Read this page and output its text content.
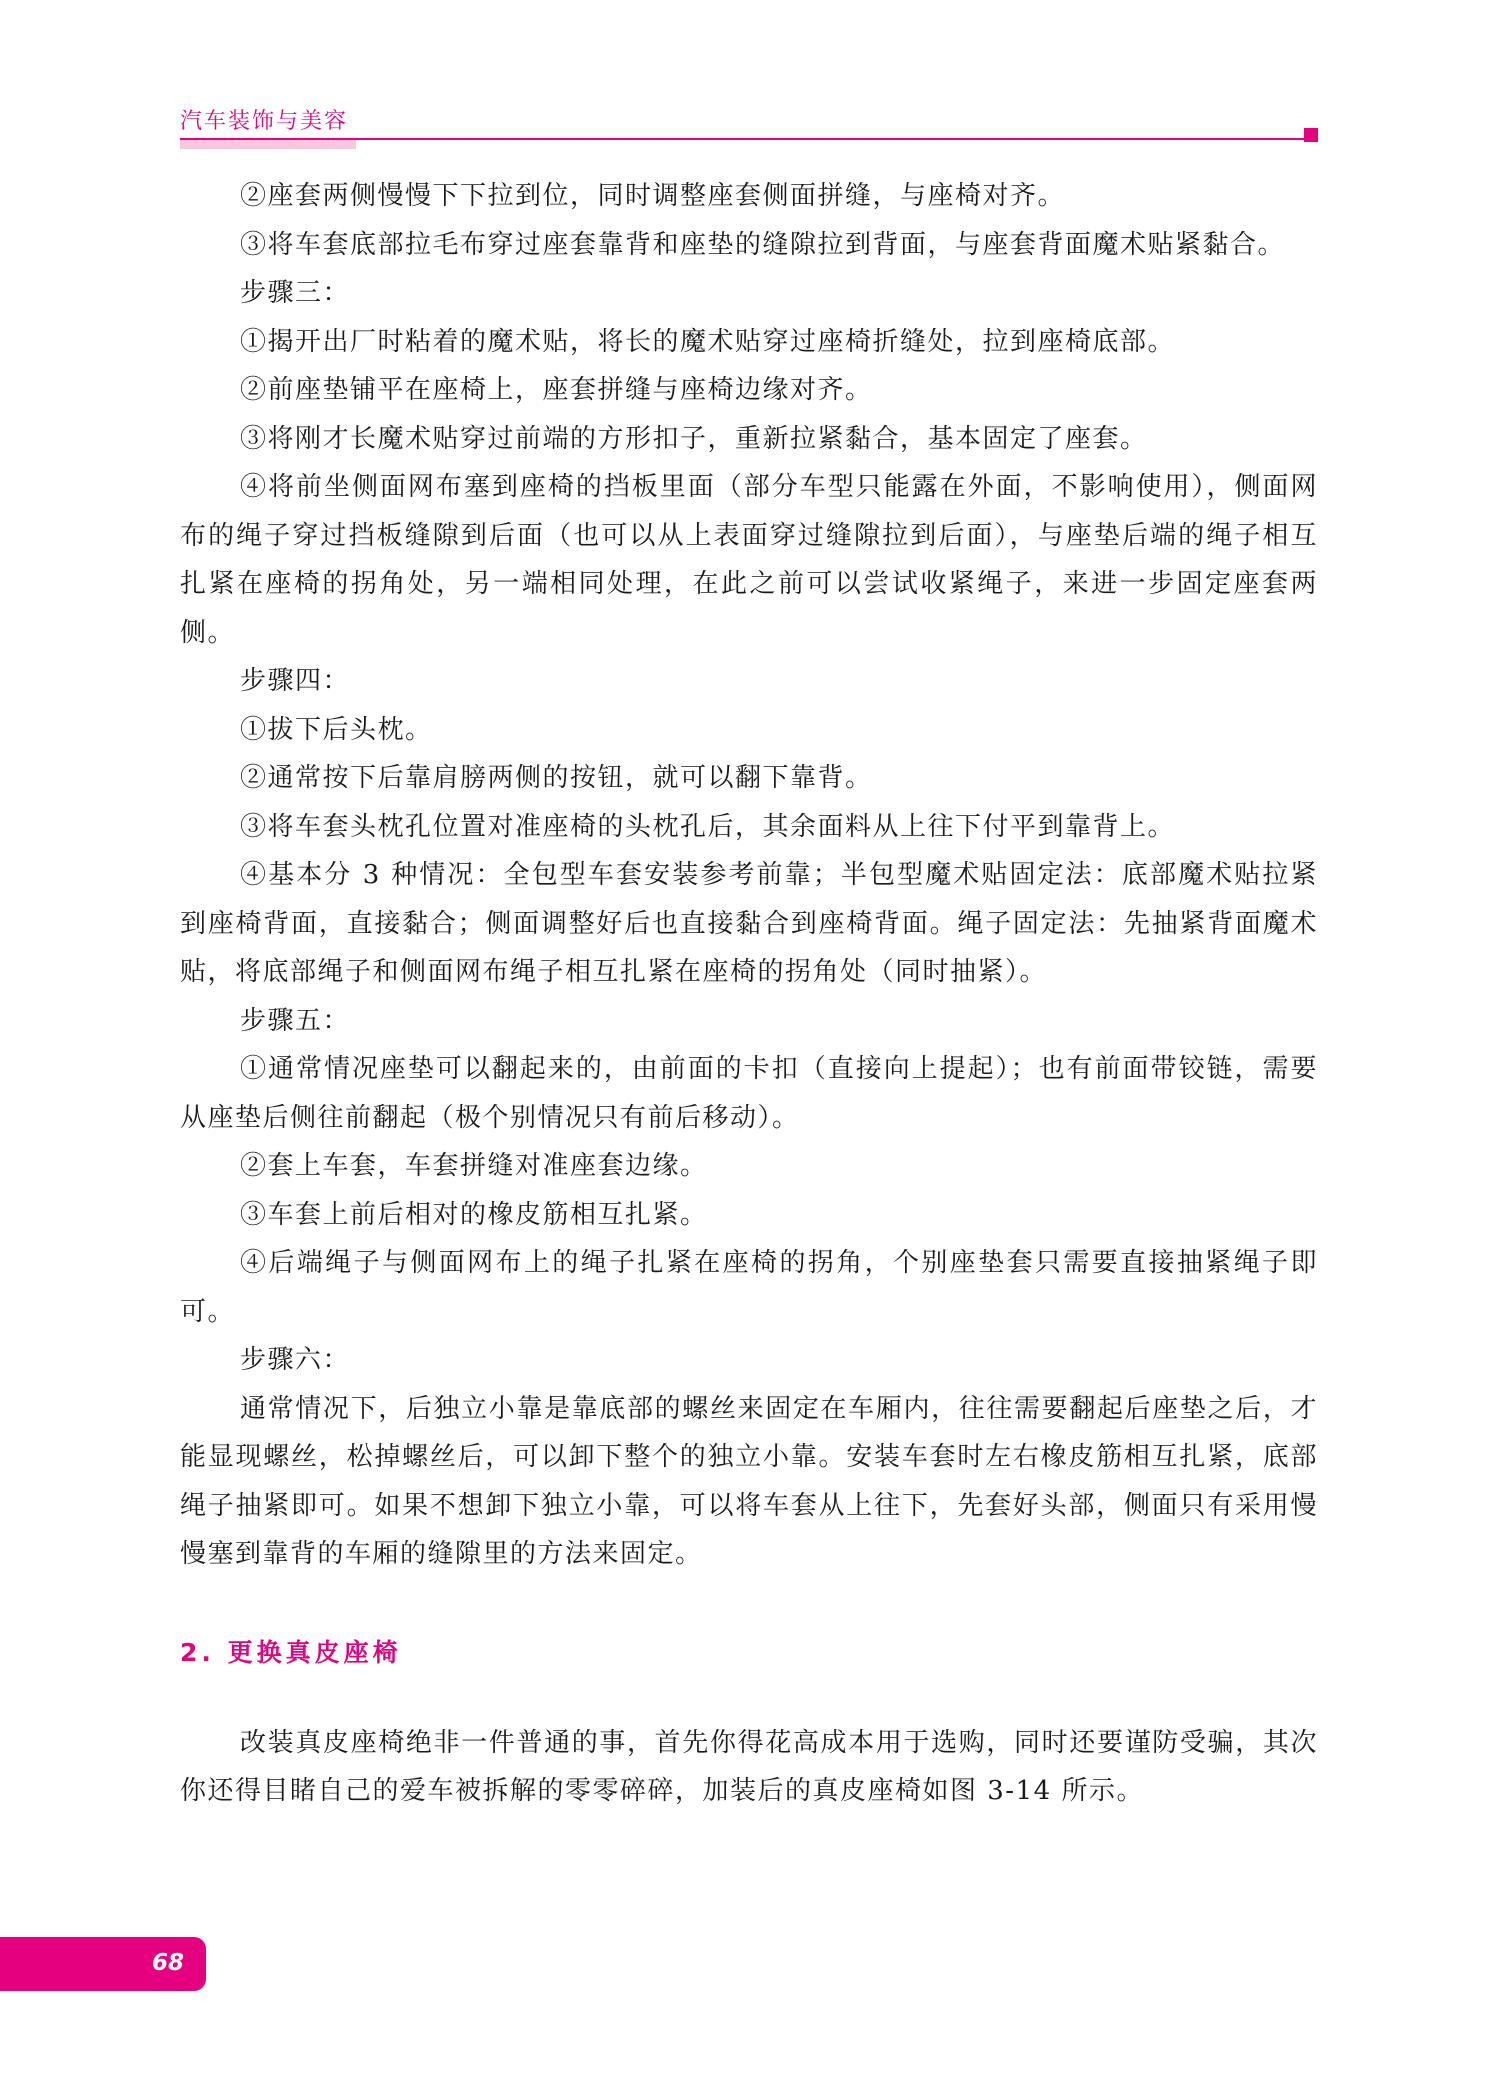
汽车装饰与美容

②座套两侧慢慢下下拉到位，同时调整座套侧面拼缝，与座椅对齐。

③将车套底部拉毛布穿过座套靠背和座垫的缝隙拉到背面，与座套背面魔术贴紧黏合。

步骤三：

①揭开出厂时粘着的魔术贴，将长的魔术贴穿过座椅折缝处，拉到座椅底部。

②前座垫铺平在座椅上，座套拼缝与座椅边缘对齐。

③将刚才长魔术贴穿过前端的方形扣子，重新拉紧黏合，基本固定了座套。

④将前坐侧面网布塞到座椅的挡板里面（部分车型只能露在外面，不影响使用），侧面网布的绳子穿过挡板缝隙到后面（也可以从上表面穿过缝隙拉到后面），与座垫后端的绳子相互扎紧在座椅的拐角处，另一端相同处理，在此之前可以尝试收紧绳子，来进一步固定座套两侧。

步骤四：

①拔下后头枕。

②通常按下后靠肩膀两侧的按钮，就可以翻下靠背。

③将车套头枕孔位置对准座椅的头枕孔后，其余面料从上往下付平到靠背上。

④基本分 3 种情况：全包型车套安装参考前靠；半包型魔术贴固定法：底部魔术贴拉紧到座椅背面，直接黏合；侧面调整好后也直接黏合到座椅背面。绳子固定法：先抽紧背面魔术贴，将底部绳子和侧面网布绳子相互扎紧在座椅的拐角处（同时抽紧）。

步骤五：

①通常情况座垫可以翻起来的，由前面的卡扣（直接向上提起）；也有前面带铰链，需要从座垫后侧往前翻起（极个别情况只有前后移动）。

②套上车套，车套拼缝对准座套边缘。

③车套上前后相对的橡皮筋相互扎紧。

④后端绳子与侧面网布上的绳子扎紧在座椅的拐角，个别座垫套只需要直接抽紧绳子即可。

步骤六：

通常情况下，后独立小靠是靠底部的螺丝来固定在车厢内，往往需要翻起后座垫之后，才能显现螺丝，松掉螺丝后，可以卸下整个的独立小靠。安装车套时左右橡皮筋相互扎紧，底部绳子抽紧即可。如果不想卸下独立小靠，可以将车套从上往下，先套好头部，侧面只有采用慢慢塞到靠背的车厢的缝隙里的方法来固定。

2. 更换真皮座椅

改装真皮座椅绝非一件普通的事，首先你得花高成本用于选购，同时还要谨防受骗，其次你还得目睹自己的爱车被拆解的零零碎碎，加装后的真皮座椅如图 3-14 所示。

68
